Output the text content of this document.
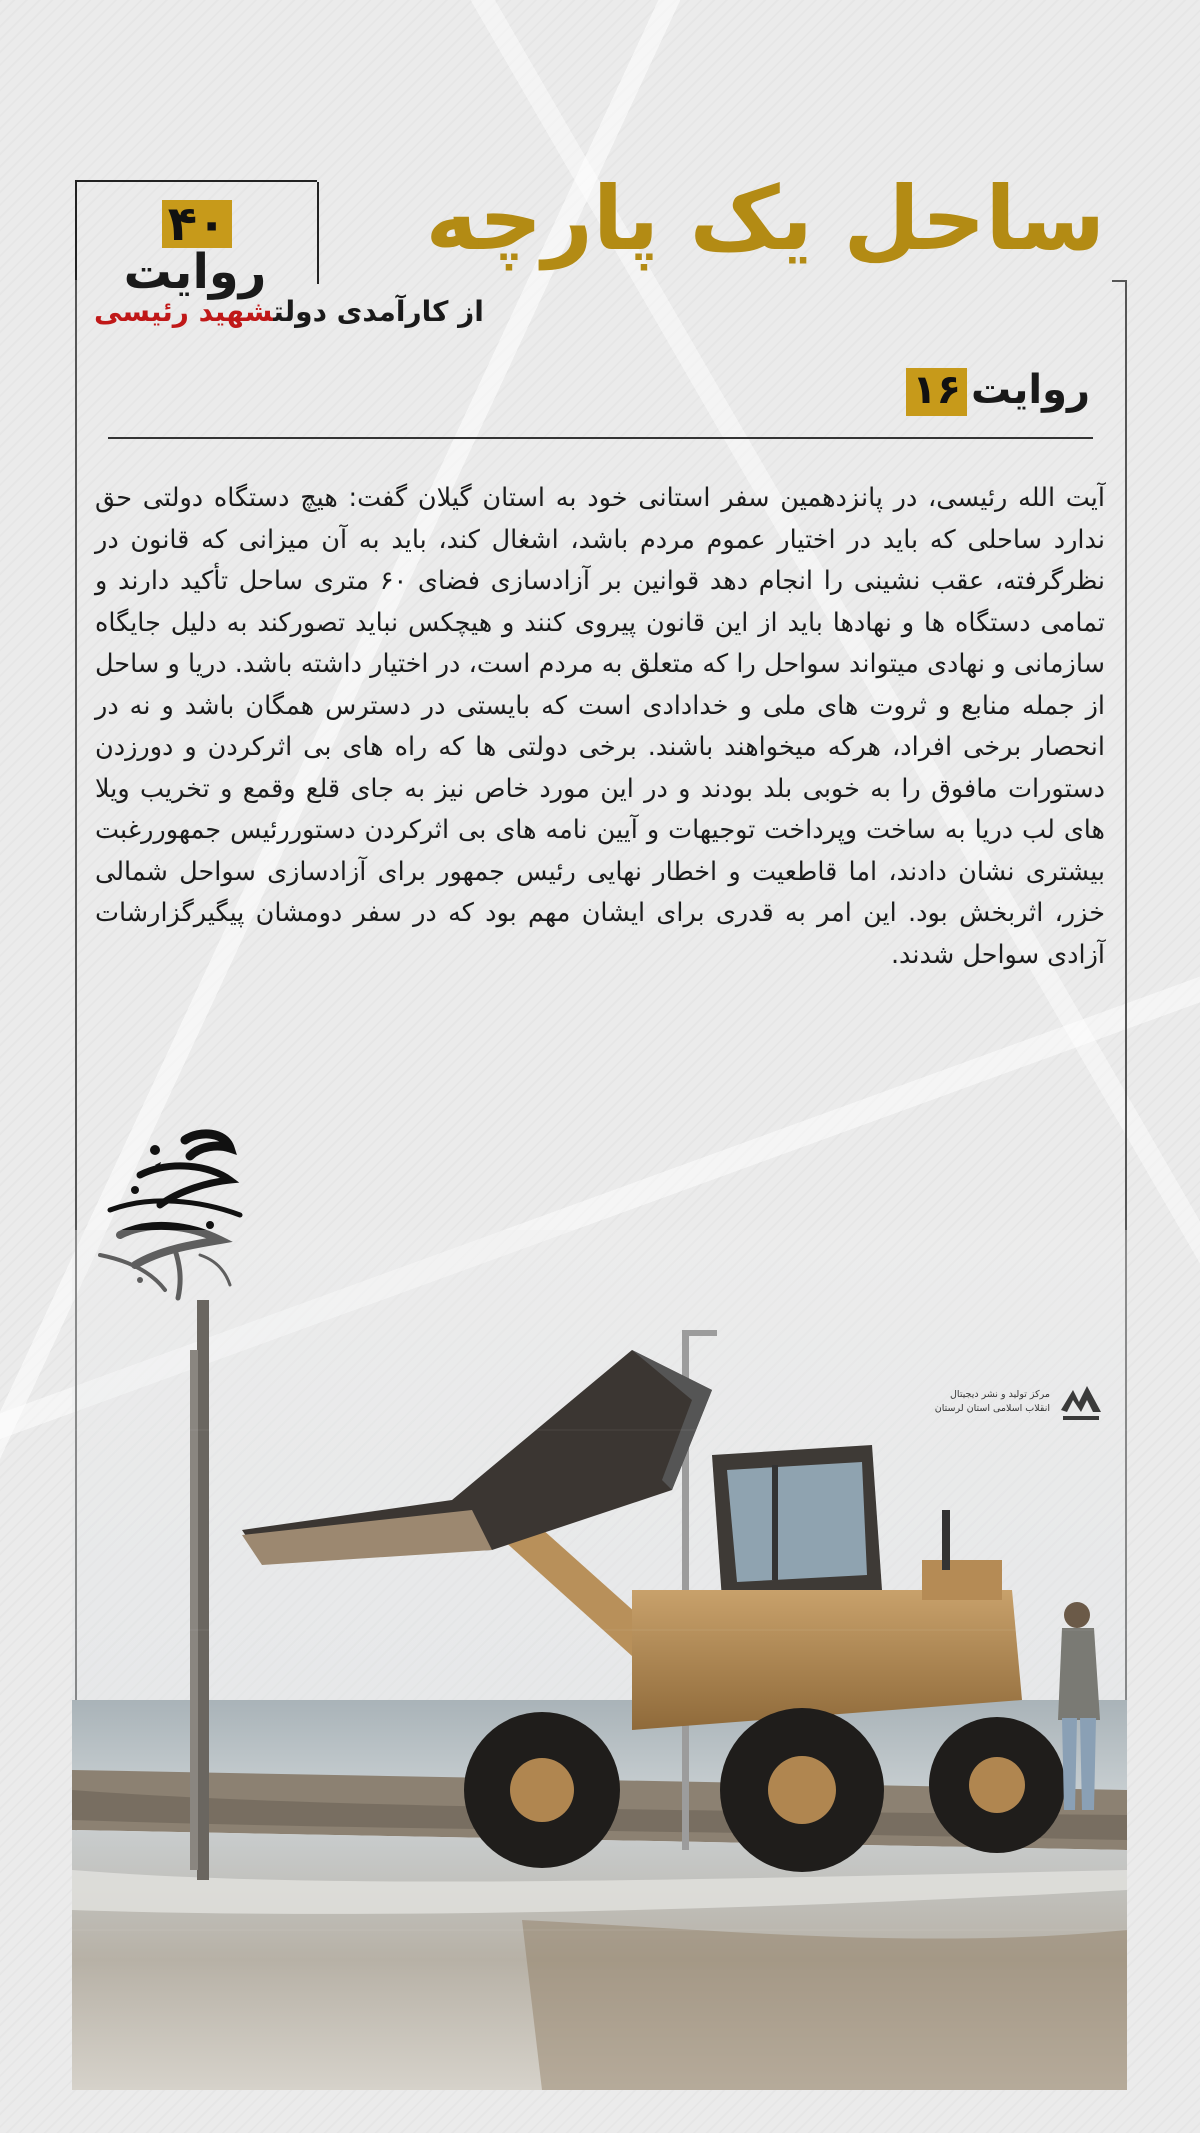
۴۰روایت
از کارآمدی دولتشهید رئیسی
ساحل یک پارچه
روایت۱۶
آیت الله رئیسی، در پانزدهمین سفر استانی خود به استان گیلان گفت: هیچ دستگاه دولتی حق ندارد ساحلی که باید در اختیار عموم مردم باشد، اشغال کند، باید به آن میزانی که قانون در نظرگرفته، عقب نشینی را انجام دهد قوانین بر آزادسازی فضای ۶۰ متری ساحل تأکید دارند و تمامی دستگاه ها و نهادها باید از این قانون پیروی کنند و هیچکس نباید تصورکند به دلیل جایگاه سازمانی و نهادی میتواند سواحل را که متعلق به مردم است، در اختیار داشته باشد. دریا و ساحل از جمله منابع و ثروت های ملی و خدادادی است که بایستی در دسترس همگان باشد و نه در انحصار برخی افراد، هرکه میخواهند باشند. برخی دولتی ها که راه های بی اثرکردن و دورزدن دستورات مافوق را به خوبی بلد بودند و در این مورد خاص نیز به جای قلع وقمع و تخریب ویلا های لب دریا به ساخت وپرداخت توجیهات و آیین نامه های بی اثرکردن دستوررئیس جمهوررغبت بیشتری نشان دادند، اما قاطعیت و اخطار نهایی رئیس جمهور برای آزادسازی سواحل شمالی خزر، اثربخش بود. این امر به قدری برای ایشان مهم بود که در سفر دومشان پیگیرگزارشات آزادی سواحل شدند.
مرکز تولید و نشر دیجیتال
انقلاب اسلامی استان لرستان
